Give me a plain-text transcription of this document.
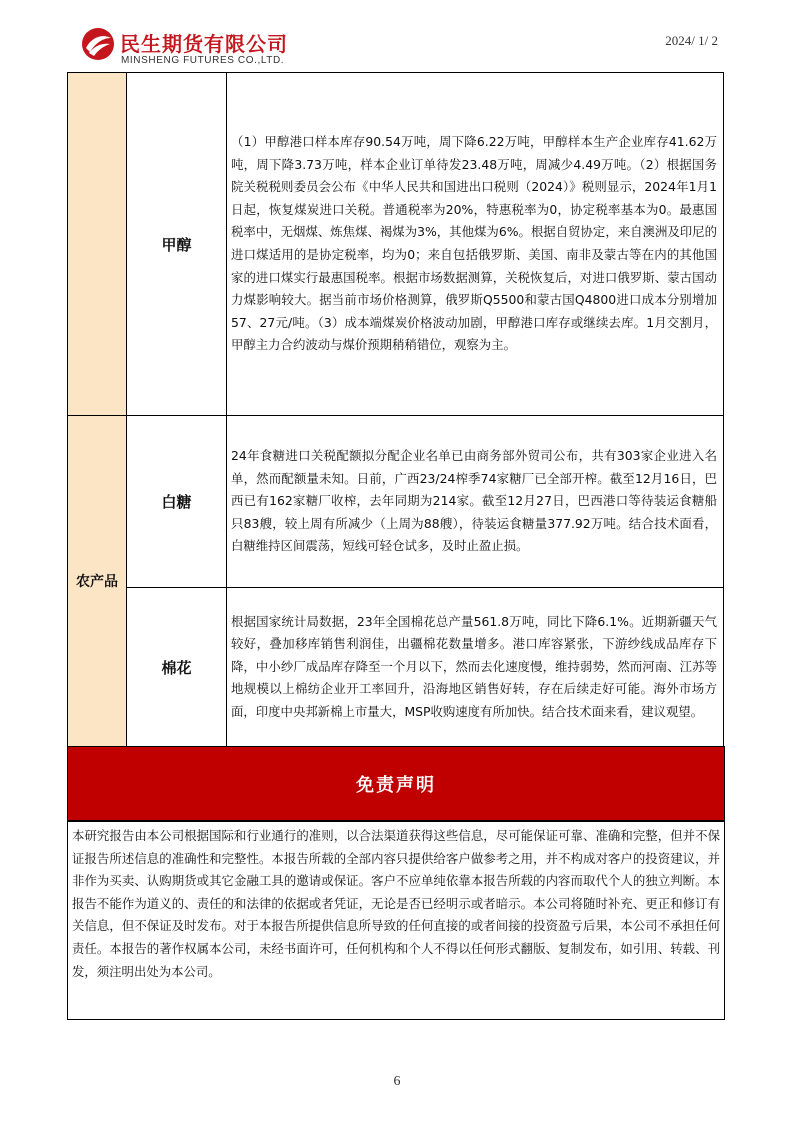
民生期货有限公司
MINSHENG FUTURES CO.,LTD.
2024/ 1/ 2
	甲醇	（1）甲醇港口样本库存90.54万吨，周下降6.22万吨，甲醇样本生产企业库存41.62万吨，周下降3.73万吨，样本企业订单待发23.48万吨，周减少4.49万吨。（2）根据国务院关税税则委员会公布《中华人民共和国进出口税则（2024）》税则显示，2024年1月1日起，恢复煤炭进口关税。普通税率为20%，特惠税率为0，协定税率基本为0。最惠国税率中，无烟煤、炼焦煤、褐煤为3%，其他煤为6%。根据自贸协定，来自澳洲及印尼的进口煤适用的是协定税率，均为0；来自包括俄罗斯、美国、南非及蒙古等在内的其他国家的进口煤实行最惠国税率。根据市场数据测算，关税恢复后，对进口俄罗斯、蒙古国动力煤影响较大。据当前市场价格测算，俄罗斯Q5500和蒙古国Q4800进口成本分别增加57、27元/吨。（3）成本端煤炭价格波动加剧，甲醇港口库存或继续去库。1月交割月，甲醇主力合约波动与煤价预期稍稍错位，观察为主。
农产品	白糖	24年食糖进口关税配额拟分配企业名单已由商务部外贸司公布，共有303家企业进入名单，然而配额量未知。日前，广西23/24榨季74家糖厂已全部开榨。截至12月16日，巴西已有162家糖厂收榨，去年同期为214家。截至12月27日，巴西港口等待装运食糖船只83艘，较上周有所减少（上周为88艘），待装运食糖量377.92万吨。结合技术面看，白糖维持区间震荡，短线可轻仓试多，及时止盈止损。
	棉花	根据国家统计局数据，23年全国棉花总产量561.8万吨，同比下降6.1%。近期新疆天气较好，叠加移库销售利润佳，出疆棉花数量增多。港口库容紧张，下游纱线成品库存下降，中小纱厂成品库存降至一个月以下，然而去化速度慢，维持弱势，然而河南、江苏等地规模以上棉纺企业开工率回升，沿海地区销售好转，存在后续走好可能。海外市场方面，印度中央邦新棉上市量大，MSP收购速度有所加快。结合技术面来看，建议观望。
免责声明
本研究报告由本公司根据国际和行业通行的准则，以合法渠道获得这些信息，尽可能保证可靠、准确和完整，但并不保证报告所述信息的准确性和完整性。本报告所载的全部内容只提供给客户做参考之用，并不构成对客户的投资建议，并非作为买卖、认购期货或其它金融工具的邀请或保证。客户不应单纯依靠本报告所载的内容而取代个人的独立判断。本报告不能作为道义的、责任的和法律的依据或者凭证，无论是否已经明示或者暗示。本公司将随时补充、更正和修订有关信息，但不保证及时发布。对于本报告所提供信息所导致的任何直接的或者间接的投资盈亏后果，本公司不承担任何责任。本报告的著作权属本公司，未经书面许可，任何机构和个人不得以任何形式翻版、复制发布，如引用、转载、刊发，须注明出处为本公司。
6
